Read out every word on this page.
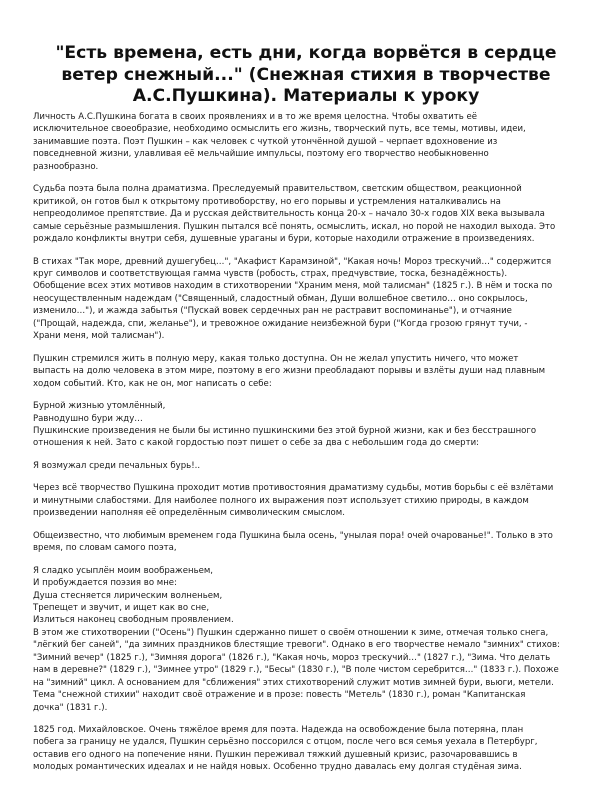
"Есть времена, есть дни, когда ворвётся в сердце
ветер снежный..." (Снежная стихия в творчестве
А.С.Пушкина). Материалы к уроку
Личность А.С.Пушкина богата в своих проявлениях и в то же время целостна. Чтобы охватить её
исключительное своеобразие, необходимо осмыслить его жизнь, творческий путь, все темы, мотивы, идеи,
занимавшие поэта. Поэт Пушкин – как человек с чуткой утончённой душой – черпает вдохновение из
повседневной жизни, улавливая её мельчайшие импульсы, поэтому его творчество необыкновенно
разнообразно.
Судьба поэта была полна драматизма. Преследуемый правительством, светским обществом, реакционной
критикой, он готов был к открытому противоборству, но его порывы и устремления наталкивались на
непреодолимое препятствие. Да и русская действительность конца 20-х – начало 30-х годов XIX века вызывала
самые серьёзные размышления. Пушкин пытался всё понять, осмыслить, искал, но порой не находил выхода. Это
рождало конфликты внутри себя, душевные ураганы и бури, которые находили отражение в произведениях.
В стихах "Так море, древний душегубец…", "Акафист Карамзиной", "Какая ночь! Мороз трескучий…" содержится
круг символов и соответствующая гамма чувств (робость, страх, предчувствие, тоска, безнадёжность).
Обобщение всех этих мотивов находим в стихотворении "Храним меня, мой талисман" (1825 г.). В нём и тоска по
неосуществленным надеждам ("Священный, сладостный обман, Души волшебное светило… оно сокрылось,
изменило…"), и жажда забытья ("Пускай вовек сердечных ран не растравит воспоминанье"), и отчаяние
("Прощай, надежда, спи, желанье"), и тревожное ожидание неизбежной бури ("Когда грозою грянут тучи, -
Храни меня, мой талисман").
Пушкин стремился жить в полную меру, какая только доступна. Он не желал упустить ничего, что может
выпасть на долю человека в этом мире, поэтому в его жизни преобладают порывы и взлёты души над плавным
ходом событий. Кто, как не он, мог написать о себе:
Бурной жизнью утомлённый,
Равнодушно бури жду…
Пушкинские произведения не были бы истинно пушкинскими без этой бурной жизни, как и без бесстрашного
отношения к ней. Зато с какой гордостью поэт пишет о себе за два с небольшим года до смерти:
Я возмужал среди печальных бурь!..
Через всё творчество Пушкина проходит мотив противостояния драматизму судьбы, мотив борьбы с её взлётами
и минутными слабостями. Для наиболее полного их выражения поэт использует стихию природы, в каждом
произведении наполняя её определённым символическим смыслом.
Общеизвестно, что любимым временем года Пушкина была осень, "унылая пора! очей очарованье!". Только в это
время, по словам самого поэта,
Я сладко усыплён моим воображеньем,
И пробуждается поэзия во мне:
Душа стесняется лирическим волненьем,
Трепещет и звучит, и ищет как во сне,
Излиться наконец свободным проявлением.
В этом же стихотворении ("Осень") Пушкин сдержанно пишет о своём отношении к зиме, отмечая только снега,
"лёгкий бег саней", "да зимних праздников блестящие тревоги". Однако в его творчестве немало "зимних" стихов:
"Зимний вечер" (1825 г.), "Зимняя дорога" (1826 г.), "Какая ночь, мороз трескучий…" (1827 г.), "Зима. Что делать
нам в деревне?" (1829 г.), "Зимнее утро" (1829 г.), "Бесы" (1830 г.), "В поле чистом серебрится…" (1833 г.). Похоже
на "зимний" цикл. А основанием для "сближения" этих стихотворений служит мотив зимней бури, вьюги, метели.
Тема "снежной стихии" находит своё отражение и в прозе: повесть "Метель" (1830 г.), роман "Капитанская
дочка" (1831 г.).
1825 год. Михайловское. Очень тяжёлое время для поэта. Надежда на освобождение была потеряна, план
побега за границу не удался, Пушкин серьёзно поссорился с отцом, после чего вся семья уехала в Петербург,
оставив его одного на попечение няни. Пушкин переживал тяжкий душевный кризис, разочаровавшись в
молодых романтических идеалах и не найдя новых. Особенно трудно давалась ему долгая студёная зима.
